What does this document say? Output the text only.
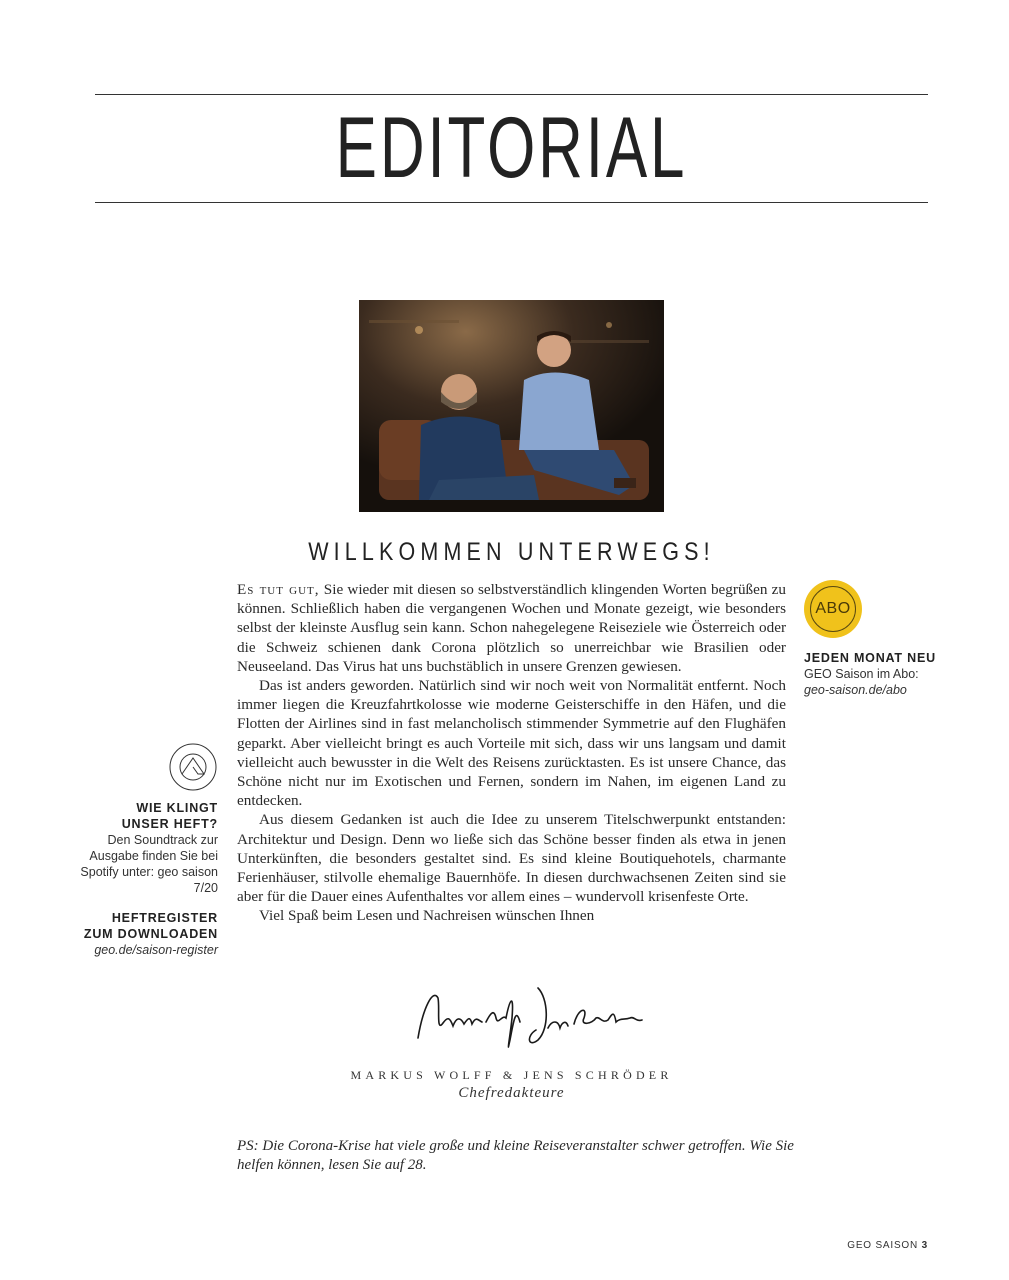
EDITORIAL
WILLKOMMEN UNTERWEGS!

Es tut gut, Sie wieder mit diesen so selbstverständlich klingenden Worten begrüßen zu können. Schließlich haben die vergangenen Wochen und Monate gezeigt, wie besonders selbst der kleinste Ausflug sein kann. Schon nahegelegene Reiseziele wie Österreich oder die Schweiz schienen dank Corona plötzlich so unerreichbar wie Brasilien oder Neuseeland. Das Virus hat uns buchstäblich in unsere Grenzen gewiesen.

Das ist anders geworden. Natürlich sind wir noch weit von Normalität entfernt. Noch immer liegen die Kreuzfahrtkolosse wie moderne Geisterschiffe in den Häfen, und die Flotten der Airlines sind in fast melancholisch stimmender Symmetrie auf den Flughäfen geparkt. Aber vielleicht bringt es auch Vorteile mit sich, dass wir uns langsam und damit vielleicht auch bewusster in die Welt des Reisens zurücktasten. Es ist unsere Chance, das Schöne nicht nur im Exotischen und Fernen, sondern im Nahen, im eigenen Land zu entdecken.

Aus diesem Gedanken ist auch die Idee zu unserem Titelschwerpunkt entstanden: Architektur und Design. Denn wo ließe sich das Schöne besser finden als etwa in jenen Unterkünften, die besonders gestaltet sind. Es sind kleine Boutiquehotels, charmante Ferienhäuser, stilvolle ehemalige Bauernhöfe. In diesen durchwachsenen Zeiten sind sie aber für die Dauer eines Aufenthaltes vor allem eines – wundervoll krisenfeste Orte.

Viel Spaß beim Lesen und Nachreisen wünschen Ihnen

MARKUS WOLFF & JENS SCHRÖDER
Chefredakteure
PS: Die Corona-Krise hat viele große und kleine Reiseveranstalter schwer getroffen. Wie Sie helfen können, lesen Sie auf 28.
WIE KLINGT
UNSER HEFT?
Den Soundtrack zur Ausgabe finden Sie bei Spotify unter: geo saison 7/20
HEFTREGISTER
ZUM DOWNLOADEN
geo.de/saison-register
ABO
JEDEN MONAT NEU
GEO Saison im Abo:
geo-saison.de/abo
GEO SAISON 3
